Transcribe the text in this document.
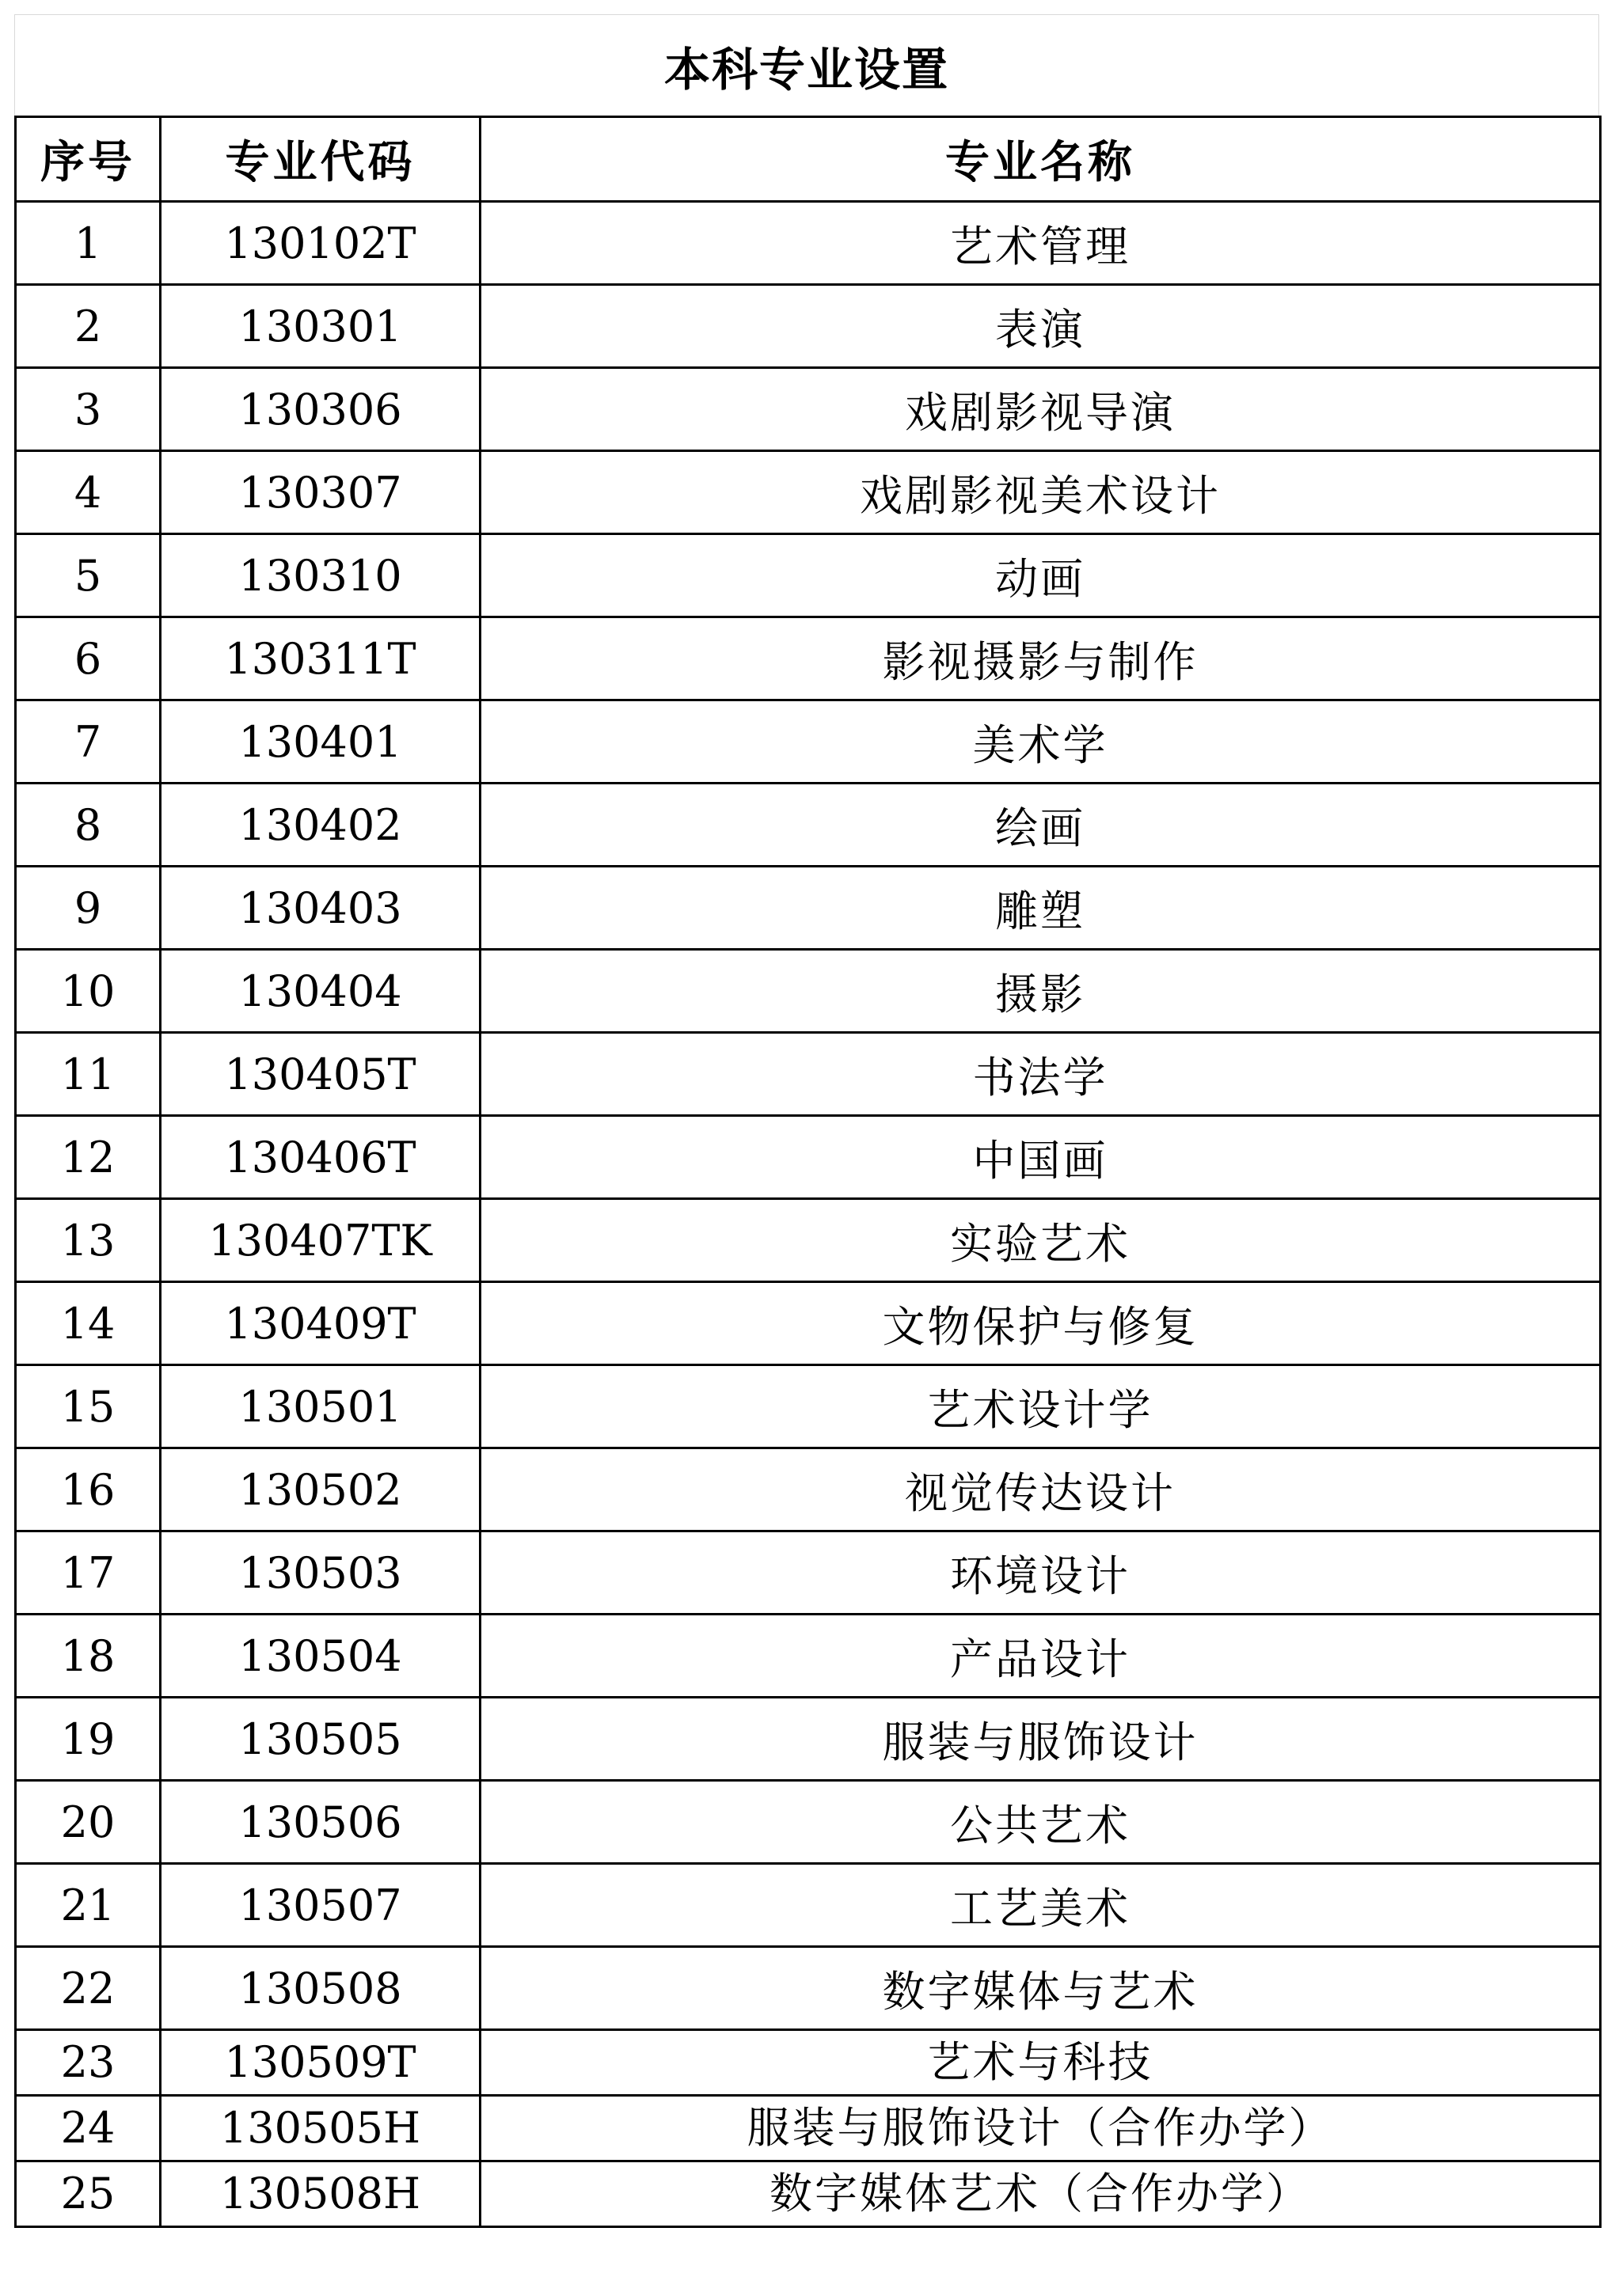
本科专业设置
序号	专业代码	专业名称
1	130102T	艺术管理
2	130301	表演
3	130306	戏剧影视导演
4	130307	戏剧影视美术设计
5	130310	动画
6	130311T	影视摄影与制作
7	130401	美术学
8	130402	绘画
9	130403	雕塑
10	130404	摄影
11	130405T	书法学
12	130406T	中国画
13	130407TK	实验艺术
14	130409T	文物保护与修复
15	130501	艺术设计学
16	130502	视觉传达设计
17	130503	环境设计
18	130504	产品设计
19	130505	服装与服饰设计
20	130506	公共艺术
21	130507	工艺美术
22	130508	数字媒体与艺术
23	130509T	艺术与科技
24	130505H	服装与服饰设计（合作办学）
25	130508H	数字媒体艺术（合作办学）
